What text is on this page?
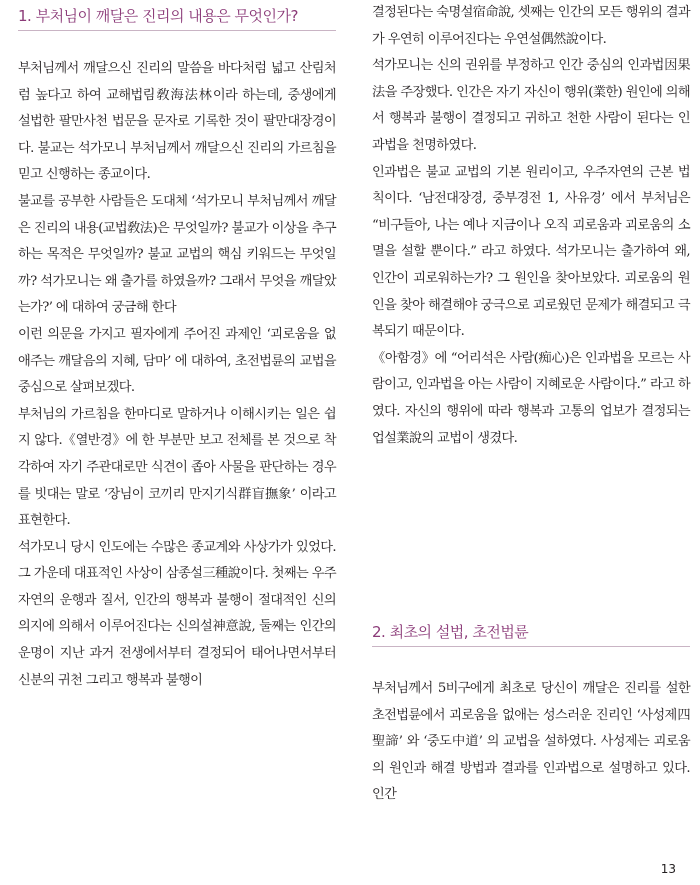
1. 부처님이 깨달은 진리의 내용은 무엇인가?

부처님께서 깨달으신 진리의 말씀을 바다처럼 넓고 산림처럼 높다고 하여 교해법림敎海法林이라 하는데, 중생에게 설법한 팔만사천 법문을 문자로 기록한 것이 팔만대장경이다. 불교는 석가모니 부처님께서 깨달으신 진리의 가르침을 믿고 신행하는 종교이다.

불교를 공부한 사람들은 도대체 ‘석가모니 부처님께서 깨달은 진리의 내용(교법敎法)은 무엇일까? 불교가 이상을 추구하는 목적은 무엇일까? 불교 교법의 핵심 키워드는 무엇일까? 석가모니는 왜 출가를 하였을까? 그래서 무엇을 깨달았는가?’ 에 대하여 궁금해 한다

이런 의문을 가지고 필자에게 주어진 과제인 ‘괴로움을 없애주는 깨달음의 지혜, 담마’ 에 대하여, 초전법륜의 교법을 중심으로 살펴보겠다.

부처님의 가르침을 한마디로 말하거나 이해시키는 일은 쉽지 않다.《열반경》에 한 부분만 보고 전체를 본 것으로 착각하여 자기 주관대로만 식견이 좁아 사물을 판단하는 경우를 빗대는 말로 ‘장님이 코끼리 만지기식群盲撫象’ 이라고 표현한다.

석가모니 당시 인도에는 수많은 종교계와 사상가가 있었다. 그 가운데 대표적인 사상이 삼종설三種說이다. 첫째는 우주자연의 운행과 질서, 인간의 행복과 불행이 절대적인 신의 의지에 의해서 이루어진다는 신의설神意說, 둘째는 인간의 운명이 지난 과거 전생에서부터 결정되어 태어나면서부터 신분의 귀천 그리고 행복과 불행이

결정된다는 숙명설宿命說, 셋째는 인간의 모든 행위의 결과가 우연히 이루어진다는 우연설偶然說이다.

석가모니는 신의 권위를 부정하고 인간 중심의 인과법因果法을 주장했다. 인간은 자기 자신이 행위(業한) 원인에 의해서 행복과 불행이 결정되고 귀하고 천한 사람이 된다는 인과법을 천명하였다.

인과법은 불교 교법의 기본 원리이고, 우주자연의 근본 법칙이다. ‘남전대장경, 중부경전 1, 사유경’ 에서 부처님은 “비구들아, 나는 예나 지금이나 오직 괴로움과 괴로움의 소멸을 설할 뿐이다.” 라고 하였다. 석가모니는 출가하여 왜, 인간이 괴로워하는가? 그 원인을 찾아보았다. 괴로움의 원인을 찾아 해결해야 궁극으로 괴로웠던 문제가 해결되고 극복되기 때문이다.

《아함경》에 “어리석은 사람(痴心)은 인과법을 모르는 사람이고, 인과법을 아는 사람이 지혜로운 사람이다.” 라고 하였다. 자신의 행위에 따라 행복과 고통의 업보가 결정되는 업설業說의 교법이 생겼다.

2. 최초의 설법, 초전법륜

부처님께서 5비구에게 최초로 당신이 깨달은 진리를 설한 초전법륜에서 괴로움을 없애는 성스러운 진리인 ‘사성제四聖諦’ 와 ‘중도中道’ 의 교법을 설하였다. 사성제는 괴로움의 원인과 해결 방법과 결과를 인과법으로 설명하고 있다. 인간

13
